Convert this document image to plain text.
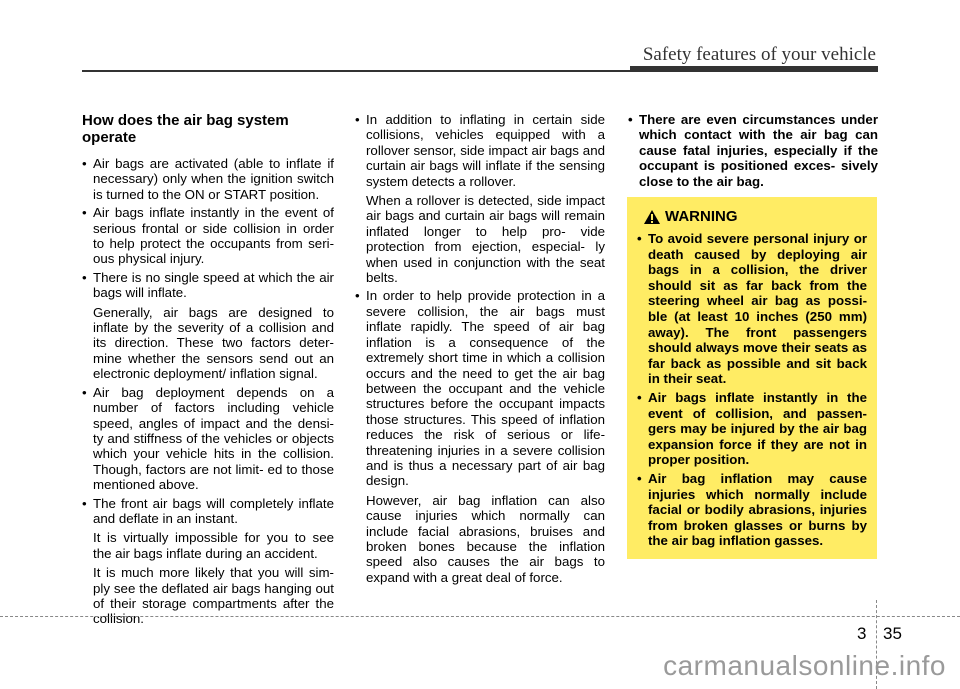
Safety features of your vehicle
How does the air bag system operate
• Air bags are activated (able to inflate if necessary) only when the ignition switch is turned to the ON or START position.
• Air bags inflate instantly in the event of serious frontal or side collision in order to help protect the occupants from seri- ous physical injury.
• There is no single speed at which the air bags will inflate.

Generally, air bags are designed to inflate by the severity of a collision and its direction. These two factors deter- mine whether the sensors send out an electronic deployment/ inflation signal.

• Air bag deployment depends on a number of factors including vehicle speed, angles of impact and the densi- ty and stiffness of the vehicles or objects which your vehicle hits in the collision. Though, factors are not limit- ed to those mentioned above.
• The front air bags will completely inflate and deflate in an instant.

It is virtually impossible for you to see the air bags inflate during an accident.

It is much more likely that you will sim- ply see the deflated air bags hanging out of their storage compartments after the collision.

• In addition to inflating in certain side collisions, vehicles equipped with a rollover sensor, side impact air bags and curtain air bags will inflate if the sensing system detects a rollover.

When a rollover is detected, side impact air bags and curtain air bags will remain inflated longer to help pro- vide protection from ejection, especial- ly when used in conjunction with the seat belts.

• In order to help provide protection in a severe collision, the air bags must inflate rapidly. The speed of air bag inflation is a consequence of the extremely short time in which a collision occurs and the need to get the air bag between the occupant and the vehicle structures before the occupant impacts those structures. This speed of inflation reduces the risk of serious or life- threatening injuries in a severe collision and is thus a necessary part of air bag design.

However, air bag inflation can also cause injuries which normally can include facial abrasions, bruises and broken bones because the inflation speed also causes the air bags to expand with a great deal of force.

• There are even circumstances under which contact with the air bag can cause fatal injuries, especially if the occupant is positioned exces- sively close to the air bag.
WARNING
• To avoid severe personal injury or death caused by deploying air bags in a collision, the driver should sit as far back from the steering wheel air bag as possi- ble (at least 10 inches (250 mm) away). The front passengers should always move their seats as far back as possible and sit back in their seat.
• Air bags inflate instantly in the event of collision, and passen- gers may be injured by the air bag expansion force if they are not in proper position.
• Air bag inflation may cause injuries which normally include facial or bodily abrasions, injuries from broken glasses or burns by the air bag inflation gasses.
3 35
carmanualsonline.info
